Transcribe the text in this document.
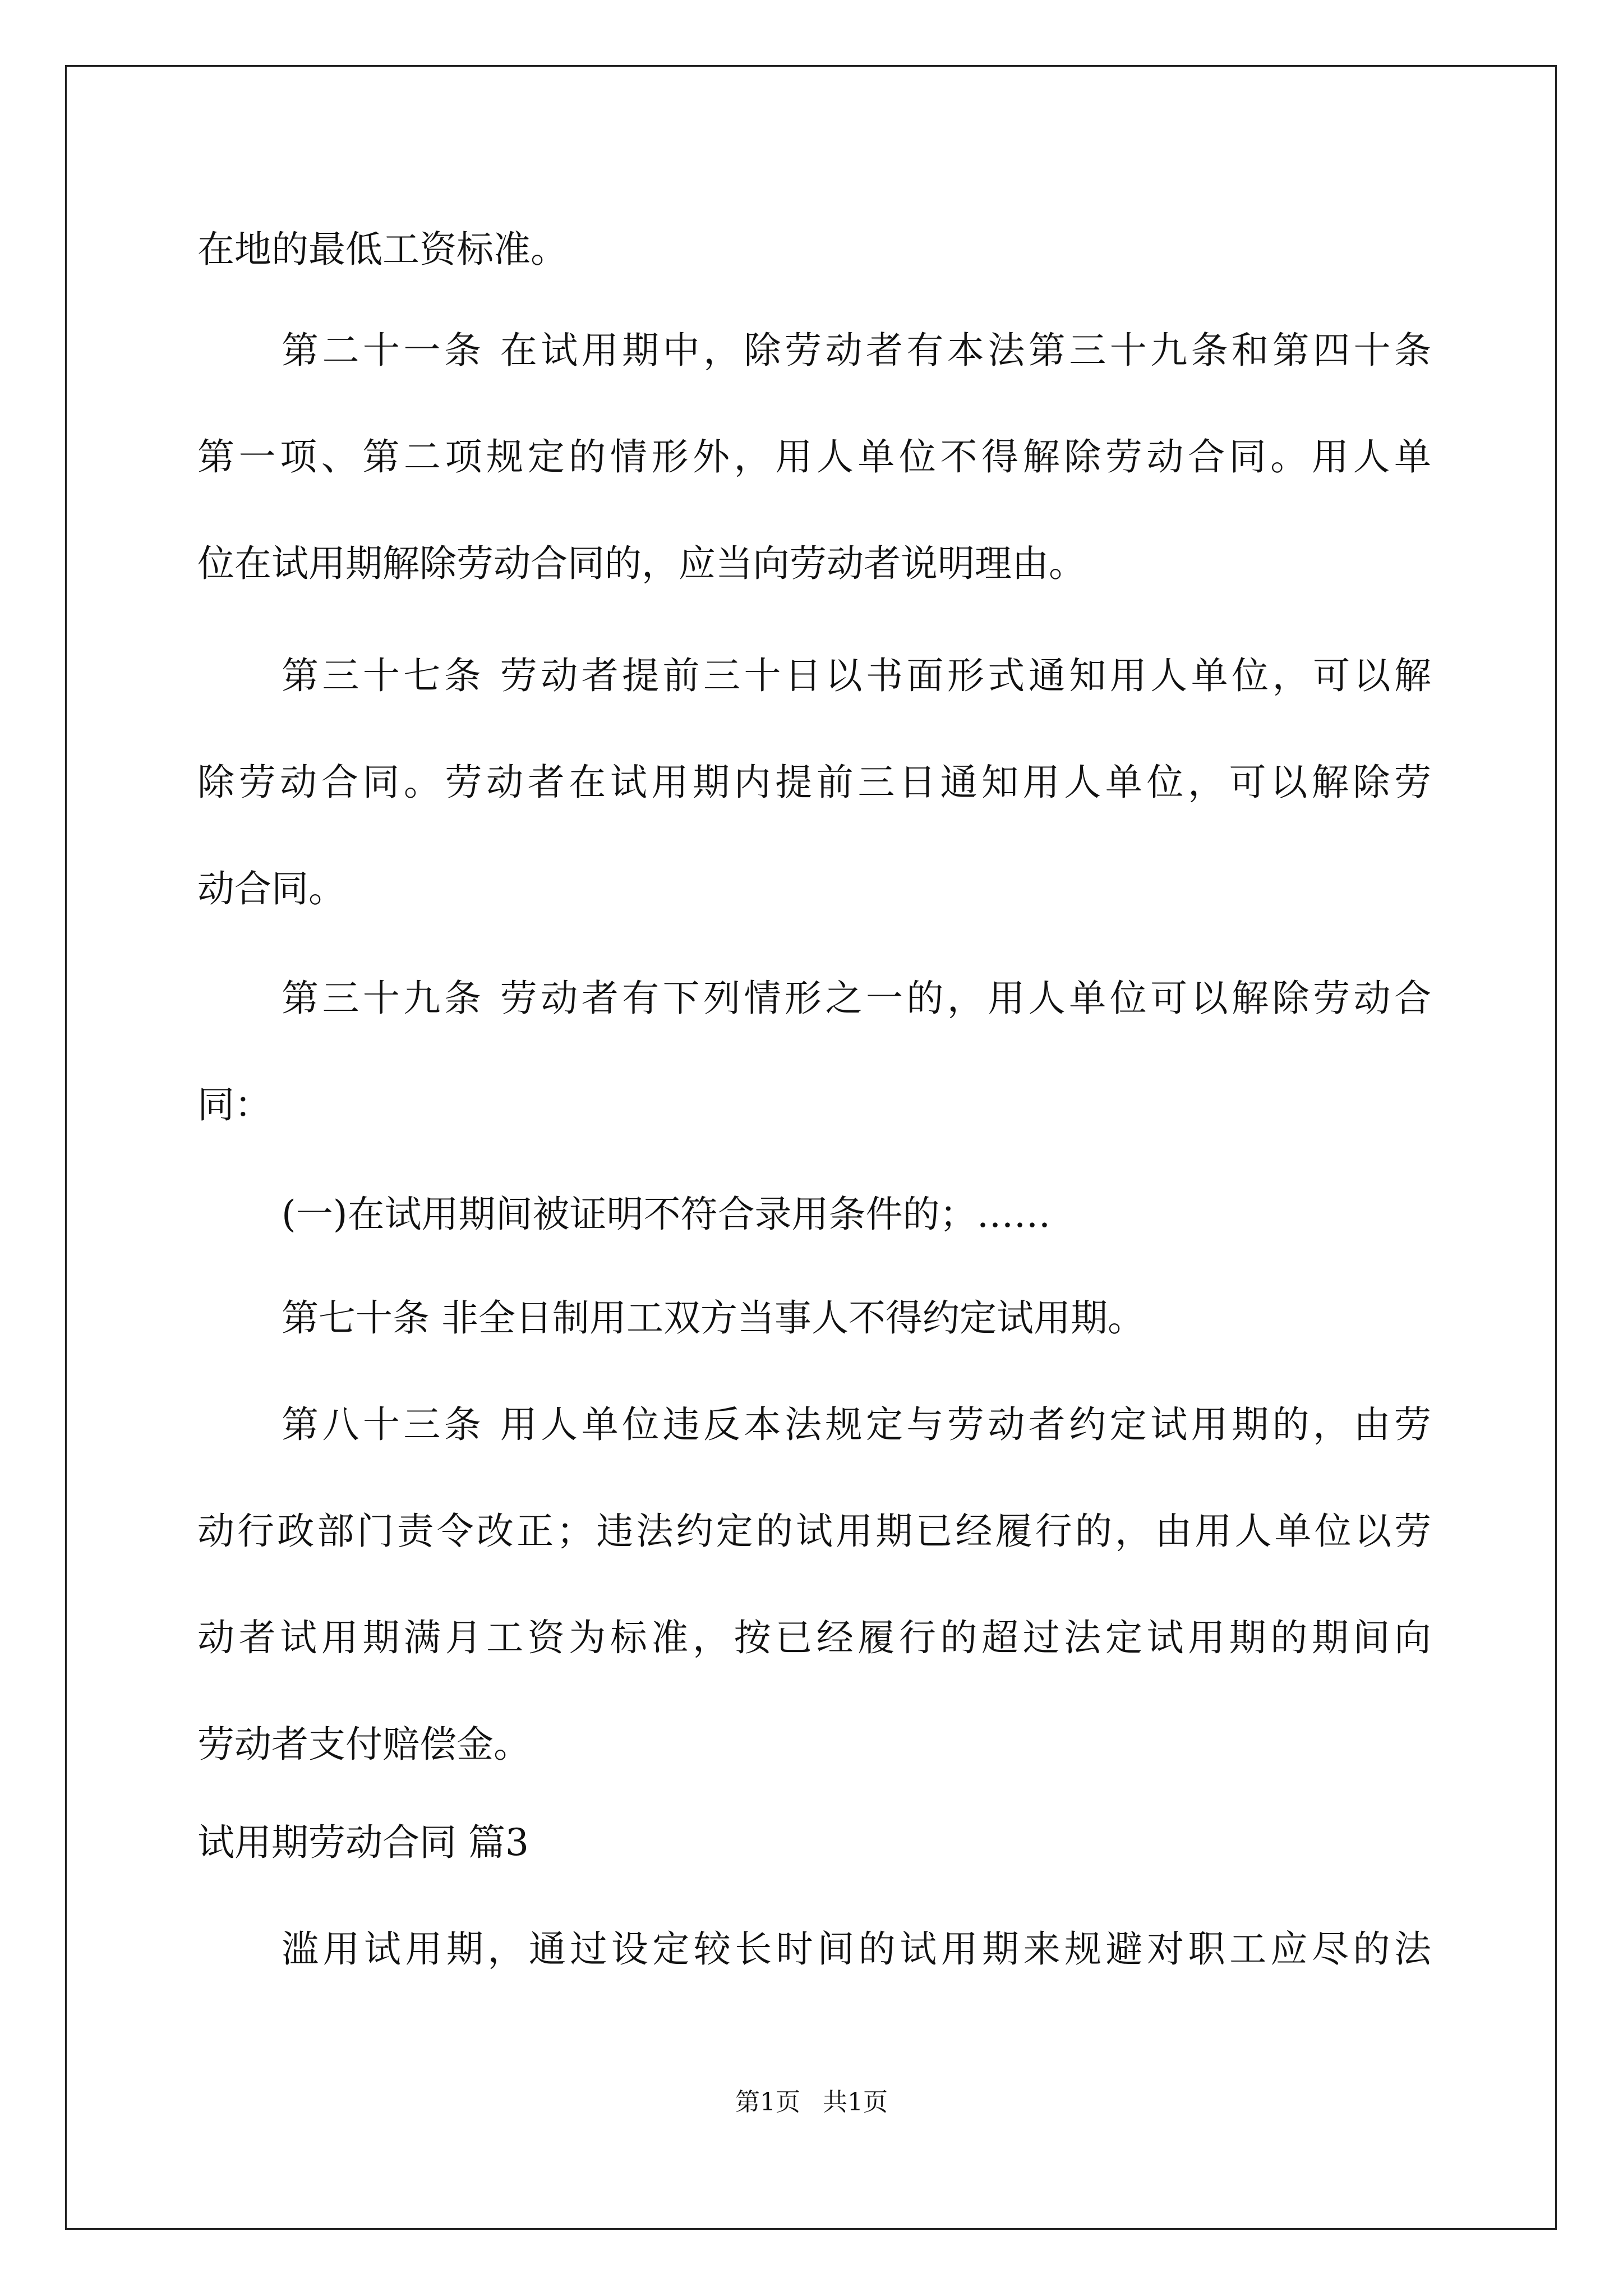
在地的最低工资标准。
第二十一条 在试用期中，除劳动者有本法第三十九条和第四十条
第一项、第二项规定的情形外，用人单位不得解除劳动合同。用人单
位在试用期解除劳动合同的，应当向劳动者说明理由。
第三十七条 劳动者提前三十日以书面形式通知用人单位，可以解
除劳动合同。劳动者在试用期内提前三日通知用人单位，可以解除劳
动合同。
第三十九条 劳动者有下列情形之一的，用人单位可以解除劳动合
同：
(一)在试用期间被证明不符合录用条件的；……
第七十条 非全日制用工双方当事人不得约定试用期。
第八十三条 用人单位违反本法规定与劳动者约定试用期的，由劳
动行政部门责令改正；违法约定的试用期已经履行的，由用人单位以劳
动者试用期满月工资为标准，按已经履行的超过法定试用期的期间向
劳动者支付赔偿金。
试用期劳动合同 篇3
滥用试用期，通过设定较长时间的试用期来规避对职工应尽的法
第1页 共1页
